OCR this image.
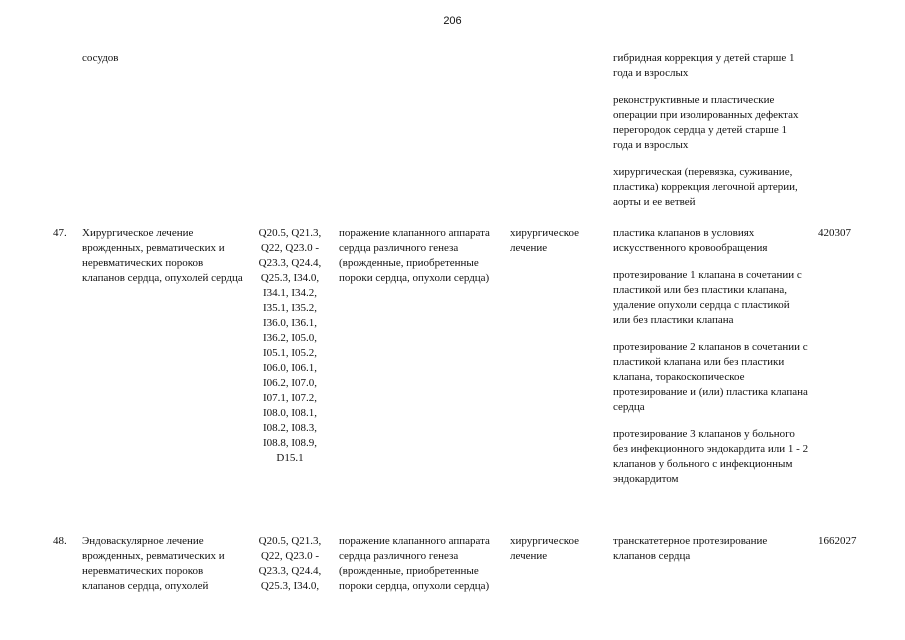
206
сосудов	гибридная коррекция у детей старше 1 года и взрослых

реконструктивные и пластические операции при изолированных дефектах перегородок сердца у детей старше 1 года и взрослых

хирургическая (перевязка, суживание, пластика) коррекция легочной артерии, аорты и ее ветвей

47. Хирургическое лечение врожденных, ревматических и неревматических пороков клапанов сердца, опухолей сердца
Q20.5, Q21.3, Q22, Q23.0 - Q23.3, Q24.4, Q25.3, I34.0, I34.1, I34.2, I35.1, I35.2, I36.0, I36.1, I36.2, I05.0, I05.1, I05.2, I06.0, I06.1, I06.2, I07.0, I07.1, I07.2, I08.0, I08.1, I08.2, I08.3, I08.8, I08.9, D15.1
поражение клапанного аппарата сердца различного генеза (врожденные, приобретенные пороки сердца, опухоли сердца)
хирургическое лечение

пластика клапанов в условиях искусственного кровообращения

протезирование 1 клапана в сочетании с пластикой или без пластики клапана, удаление опухоли сердца с пластикой или без пластики клапана

протезирование 2 клапанов в сочетании с пластикой клапана или без пластики клапана, торакоскопическое протезирование и (или) пластика клапана сердца

протезирование 3 клапанов у больного без инфекционного эндокардита или 1 - 2 клапанов у больного с инфекционным эндокардитом

420307
48. Эндоваскулярное лечение врожденных, ревматических и неревматических пороков клапанов сердца, опухолей
Q20.5, Q21.3, Q22, Q23.0 - Q23.3, Q24.4, Q25.3, I34.0,
поражение клапанного аппарата сердца различного генеза (врожденные, приобретенные пороки сердца, опухоли сердца)
хирургическое лечение

транскатетерное протезирование клапанов сердца

1662027
